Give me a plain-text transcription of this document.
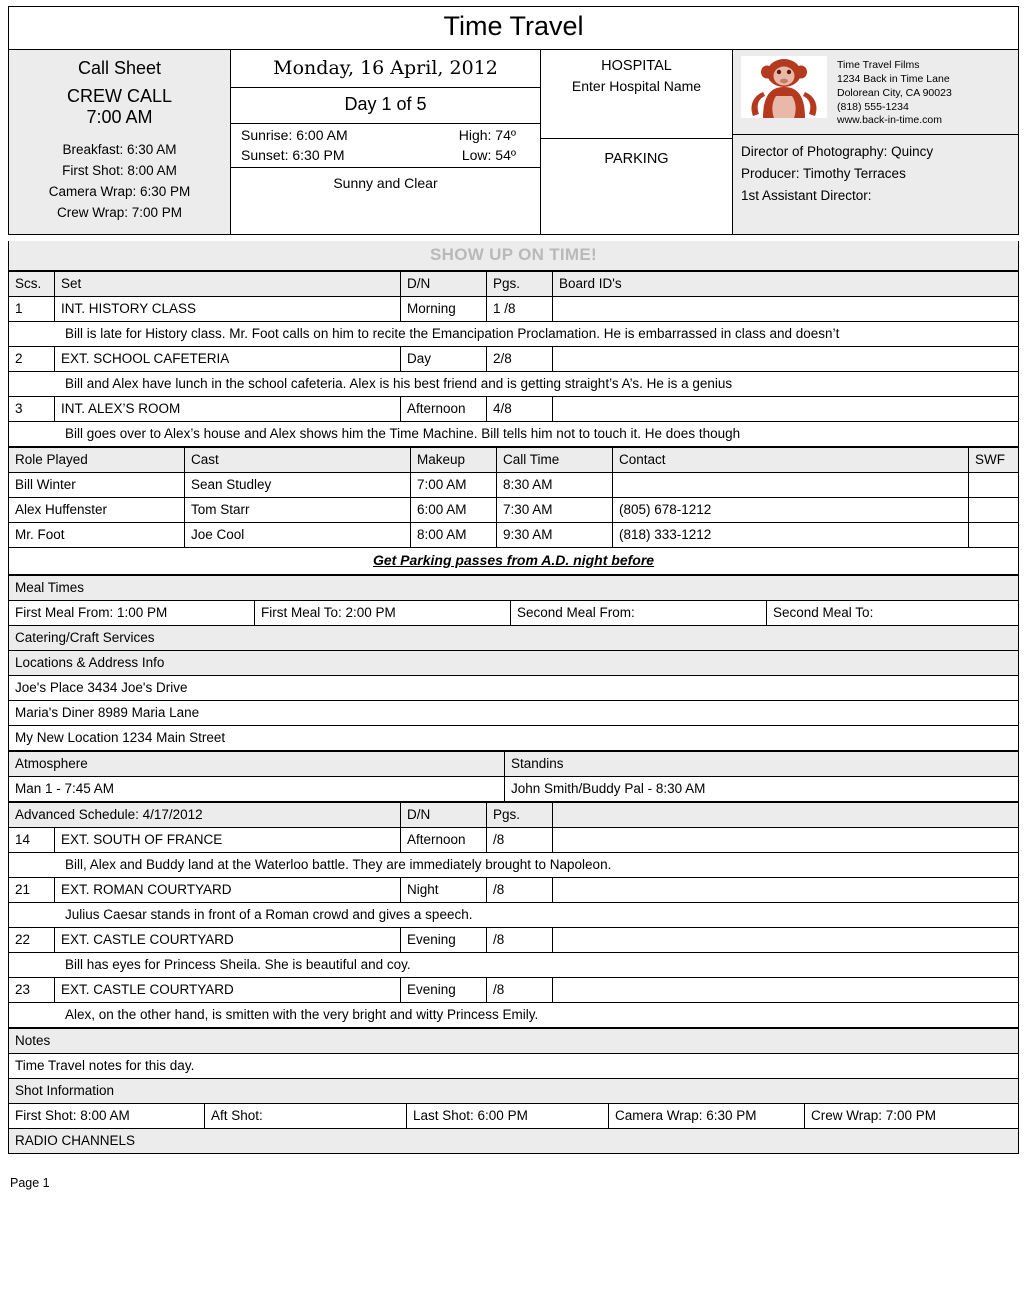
Time Travel
Call Sheet
CREW CALL
7:00 AM
Breakfast: 6:30 AM
First Shot: 8:00 AM
Camera Wrap: 6:30 PM
Crew Wrap: 7:00 PM
Monday, 16 April, 2012
Day 1 of 5
Sunrise: 6:00 AM	High: 74º
Sunset: 6:30 PM	Low: 54º
Sunny and Clear
HOSPITAL
Enter Hospital Name
PARKING
Time Travel Films
1234 Back in Time Lane
Dolorean City, CA 90023
(818) 555-1234
www.back-in-time.com
Director of Photography: Quincy
Producer: Timothy Terraces
1st Assistant Director:
SHOW UP ON TIME!
Scs.	Set	D/N	Pgs.	Board ID's
1	INT. HISTORY CLASS	Morning	1 /8	
Bill is late for History class. Mr. Foot calls on him to recite the Emancipation Proclamation. He is embarrassed in class and doesn’t				
2	EXT. SCHOOL CAFETERIA	Day	2/8	
Bill and Alex have lunch in the school cafeteria. Alex is his best friend and is getting straight’s A’s. He is a genius				
3	INT. ALEX’S ROOM	Afternoon	4/8	
Bill goes over to Alex’s house and Alex shows him the Time Machine. Bill tells him not to touch it. He does though				
Role Played	Cast	Makeup	Call Time	Contact	SWF
Bill Winter	Sean Studley	7:00 AM	8:30 AM		
Alex Huffenster	Tom Starr	6:00 AM	7:30 AM	(805) 678-1212	
Mr. Foot	Joe Cool	8:00 AM	9:30 AM	(818) 333-1212	
Get Parking passes from A.D. night before
Meal Times
First Meal From: 1:00 PM	First Meal To: 2:00 PM	Second Meal From:	Second Meal To:
Catering/Craft Services
Locations & Address Info
Joe's Place 3434 Joe's Drive
Maria's Diner 8989 Maria Lane
My New Location 1234 Main Street
Atmosphere	Standins
Man 1 - 7:45 AM	John Smith/Buddy Pal - 8:30 AM
Advanced Schedule: 4/17/2012		D/N	Pgs.	
14	EXT. SOUTH OF FRANCE	Afternoon	/8	
Bill, Alex and Buddy land at the Waterloo battle. They are immediately brought to Napoleon.				
21	EXT. ROMAN COURTYARD	Night	/8	
Julius Caesar stands in front of a Roman crowd and gives a speech.				
22	EXT. CASTLE COURTYARD	Evening	/8	
Bill has eyes for Princess Sheila. She is beautiful and coy.				
23	EXT. CASTLE COURTYARD	Evening	/8	
Alex, on the other hand, is smitten with the very bright and witty Princess Emily.				
Notes
Time Travel notes for this day.
Shot Information
First Shot: 8:00 AM	Aft Shot:	Last Shot: 6:00 PM	Camera Wrap: 6:30 PM	Crew Wrap: 7:00 PM
RADIO CHANNELS
Page 1
